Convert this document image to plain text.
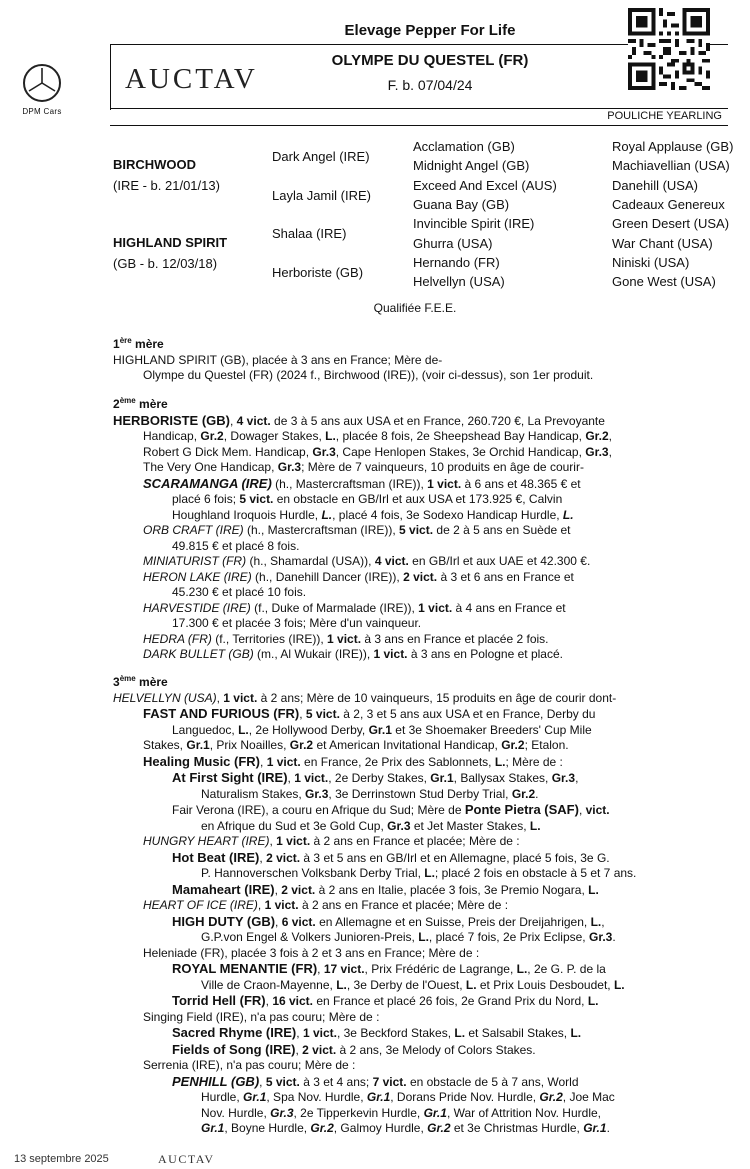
DPM Cars
AUCTAV
Elevage Pepper For Life
OLYMPE DU QUESTEL (FR)
F. b. 07/04/24
POULICHE YEARLING
BIRCHWOOD
(IRE - b. 21/01/13)
HIGHLAND SPIRIT
(GB - b. 12/03/18)
Dark Angel (IRE)
Layla Jamil (IRE)
Shalaa (IRE)
Herboriste (GB)
Acclamation (GB)
Midnight Angel (GB)
Exceed And Excel (AUS)
Guana Bay (GB)
Invincible Spirit (IRE)
Ghurra (USA)
Hernando (FR)
Helvellyn (USA)
Royal Applause (GB)
Machiavellian (USA)
Danehill (USA)
Cadeaux Genereux
Green Desert (USA)
War Chant (USA)
Niniski (USA)
Gone West (USA)
Qualifiée F.E.E.
1ère mère
HIGHLAND SPIRIT (GB), placée à 3 ans en France; Mère de-
Olympe du Questel (FR) (2024 f., Birchwood (IRE)), (voir ci-dessus), son 1er produit.
2ème mère
HERBORISTE (GB), 4 vict. de 3 à 5 ans aux USA et en France, 260.720 €, La Prevoyante
Handicap, Gr.2, Dowager Stakes, L., placée 8 fois, 2e Sheepshead Bay Handicap, Gr.2,
Robert G Dick Mem. Handicap, Gr.3, Cape Henlopen Stakes, 3e Orchid Handicap, Gr.3,
The Very One Handicap, Gr.3; Mère de 7 vainqueurs, 10 produits en âge de courir-
SCARAMANGA (IRE) (h., Mastercraftsman (IRE)), 1 vict. à 6 ans et 48.365 € et
placé 6 fois; 5 vict. en obstacle en GB/Irl et aux USA et 173.925 €, Calvin
Houghland Iroquois Hurdle, L., placé 4 fois, 3e Sodexo Handicap Hurdle, L.
ORB CRAFT (IRE) (h., Mastercraftsman (IRE)), 5 vict. de 2 à 5 ans en Suède et
49.815 € et placé 8 fois.
MINIATURIST (FR) (h., Shamardal (USA)), 4 vict. en GB/Irl et aux UAE et 42.300 €.
HERON LAKE (IRE) (h., Danehill Dancer (IRE)), 2 vict. à 3 et 6 ans en France et
45.230 € et placé 10 fois.
HARVESTIDE (IRE) (f., Duke of Marmalade (IRE)), 1 vict. à 4 ans en France et
17.300 € et placée 3 fois; Mère d'un vainqueur.
HEDRA (FR) (f., Territories (IRE)), 1 vict. à 3 ans en France et placée 2 fois.
DARK BULLET (GB) (m., Al Wukair (IRE)), 1 vict. à 3 ans en Pologne et placé.
3ème mère
HELVELLYN (USA), 1 vict. à 2 ans; Mère de 10 vainqueurs, 15 produits en âge de courir dont-
FAST AND FURIOUS (FR), 5 vict. à 2, 3 et 5 ans aux USA et en France, Derby du
Languedoc, L., 2e Hollywood Derby, Gr.1 et 3e Shoemaker Breeders' Cup Mile
Stakes, Gr.1, Prix Noailles, Gr.2 et American Invitational Handicap, Gr.2; Etalon.
Healing Music (FR), 1 vict. en France, 2e Prix des Sablonnets, L.; Mère de :
At First Sight (IRE), 1 vict., 2e Derby Stakes, Gr.1, Ballysax Stakes, Gr.3,
Naturalism Stakes, Gr.3, 3e Derrinstown Stud Derby Trial, Gr.2.
Fair Verona (IRE), a couru en Afrique du Sud; Mère de Ponte Pietra (SAF), vict.
en Afrique du Sud et 3e Gold Cup, Gr.3 et Jet Master Stakes, L.
HUNGRY HEART (IRE), 1 vict. à 2 ans en France et placée; Mère de :
Hot Beat (IRE), 2 vict. à 3 et 5 ans en GB/Irl et en Allemagne, placé 5 fois, 3e G.
P. Hannoverschen Volksbank Derby Trial, L.; placé 2 fois en obstacle à 5 et 7 ans.
Mamaheart (IRE), 2 vict. à 2 ans en Italie, placée 3 fois, 3e Premio Nogara, L.
HEART OF ICE (IRE), 1 vict. à 2 ans en France et placée; Mère de :
HIGH DUTY (GB), 6 vict. en Allemagne et en Suisse, Preis der Dreijahrigen, L.,
G.P.von Engel & Volkers Junioren-Preis, L., placé 7 fois, 2e Prix Eclipse, Gr.3.
Heleniade (FR), placée 3 fois à 2 et 3 ans en France; Mère de :
ROYAL MENANTIE (FR), 17 vict., Prix Frédéric de Lagrange, L., 2e G. P. de la
Ville de Craon-Mayenne, L., 3e Derby de l'Ouest, L. et Prix Louis Desboudet, L.
Torrid Hell (FR), 16 vict. en France et placé 26 fois, 2e Grand Prix du Nord, L.
Singing Field (IRE), n'a pas couru; Mère de :
Sacred Rhyme (IRE), 1 vict., 3e Beckford Stakes, L. et Salsabil Stakes, L.
Fields of Song (IRE), 2 vict. à 2 ans, 3e Melody of Colors Stakes.
Serrenia (IRE), n'a pas couru; Mère de :
PENHILL (GB), 5 vict. à 3 et 4 ans; 7 vict. en obstacle de 5 à 7 ans, World
Hurdle, Gr.1, Spa Nov. Hurdle, Gr.1, Dorans Pride Nov. Hurdle, Gr.2, Joe Mac
Nov. Hurdle, Gr.3, 2e Tipperkevin Hurdle, Gr.1, War of Attrition Nov. Hurdle,
Gr.1, Boyne Hurdle, Gr.2, Galmoy Hurdle, Gr.2 et 3e Christmas Hurdle, Gr.1.
13 septembre 2025	AUCTAV
